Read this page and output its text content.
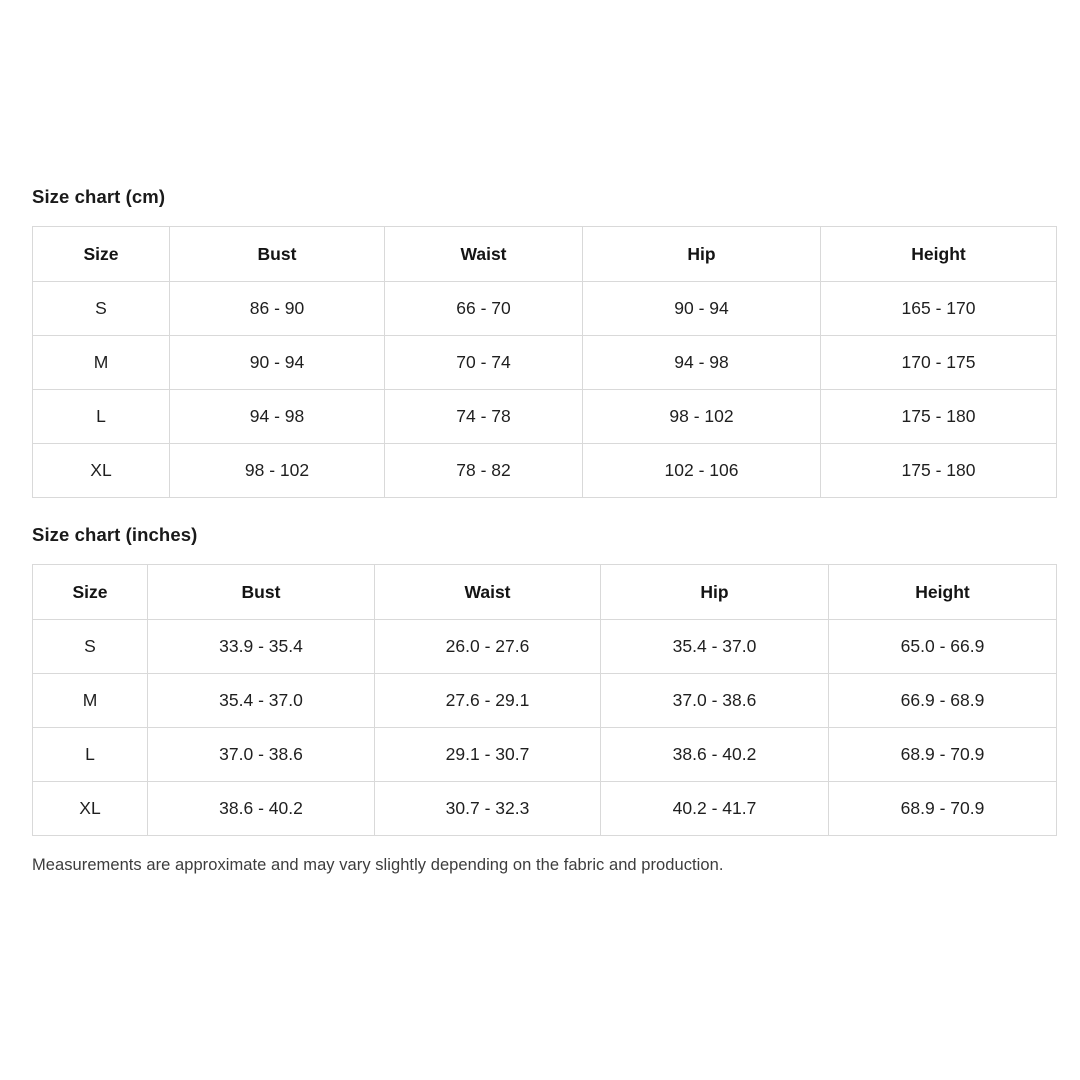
Size chart (cm)
Size	Bust	Waist	Hip	Height
S	86 - 90	66 - 70	90 - 94	165 - 170
M	90 - 94	70 - 74	94 - 98	170 - 175
L	94 - 98	74 - 78	98 - 102	175 - 180
XL	98 - 102	78 - 82	102 - 106	175 - 180
Size chart (inches)
Size	Bust	Waist	Hip	Height
S	33.9 - 35.4	26.0 - 27.6	35.4 - 37.0	65.0 - 66.9
M	35.4 - 37.0	27.6 - 29.1	37.0 - 38.6	66.9 - 68.9
L	37.0 - 38.6	29.1 - 30.7	38.6 - 40.2	68.9 - 70.9
XL	38.6 - 40.2	30.7 - 32.3	40.2 - 41.7	68.9 - 70.9

Measurements are approximate and may vary slightly depending on the fabric and production.
